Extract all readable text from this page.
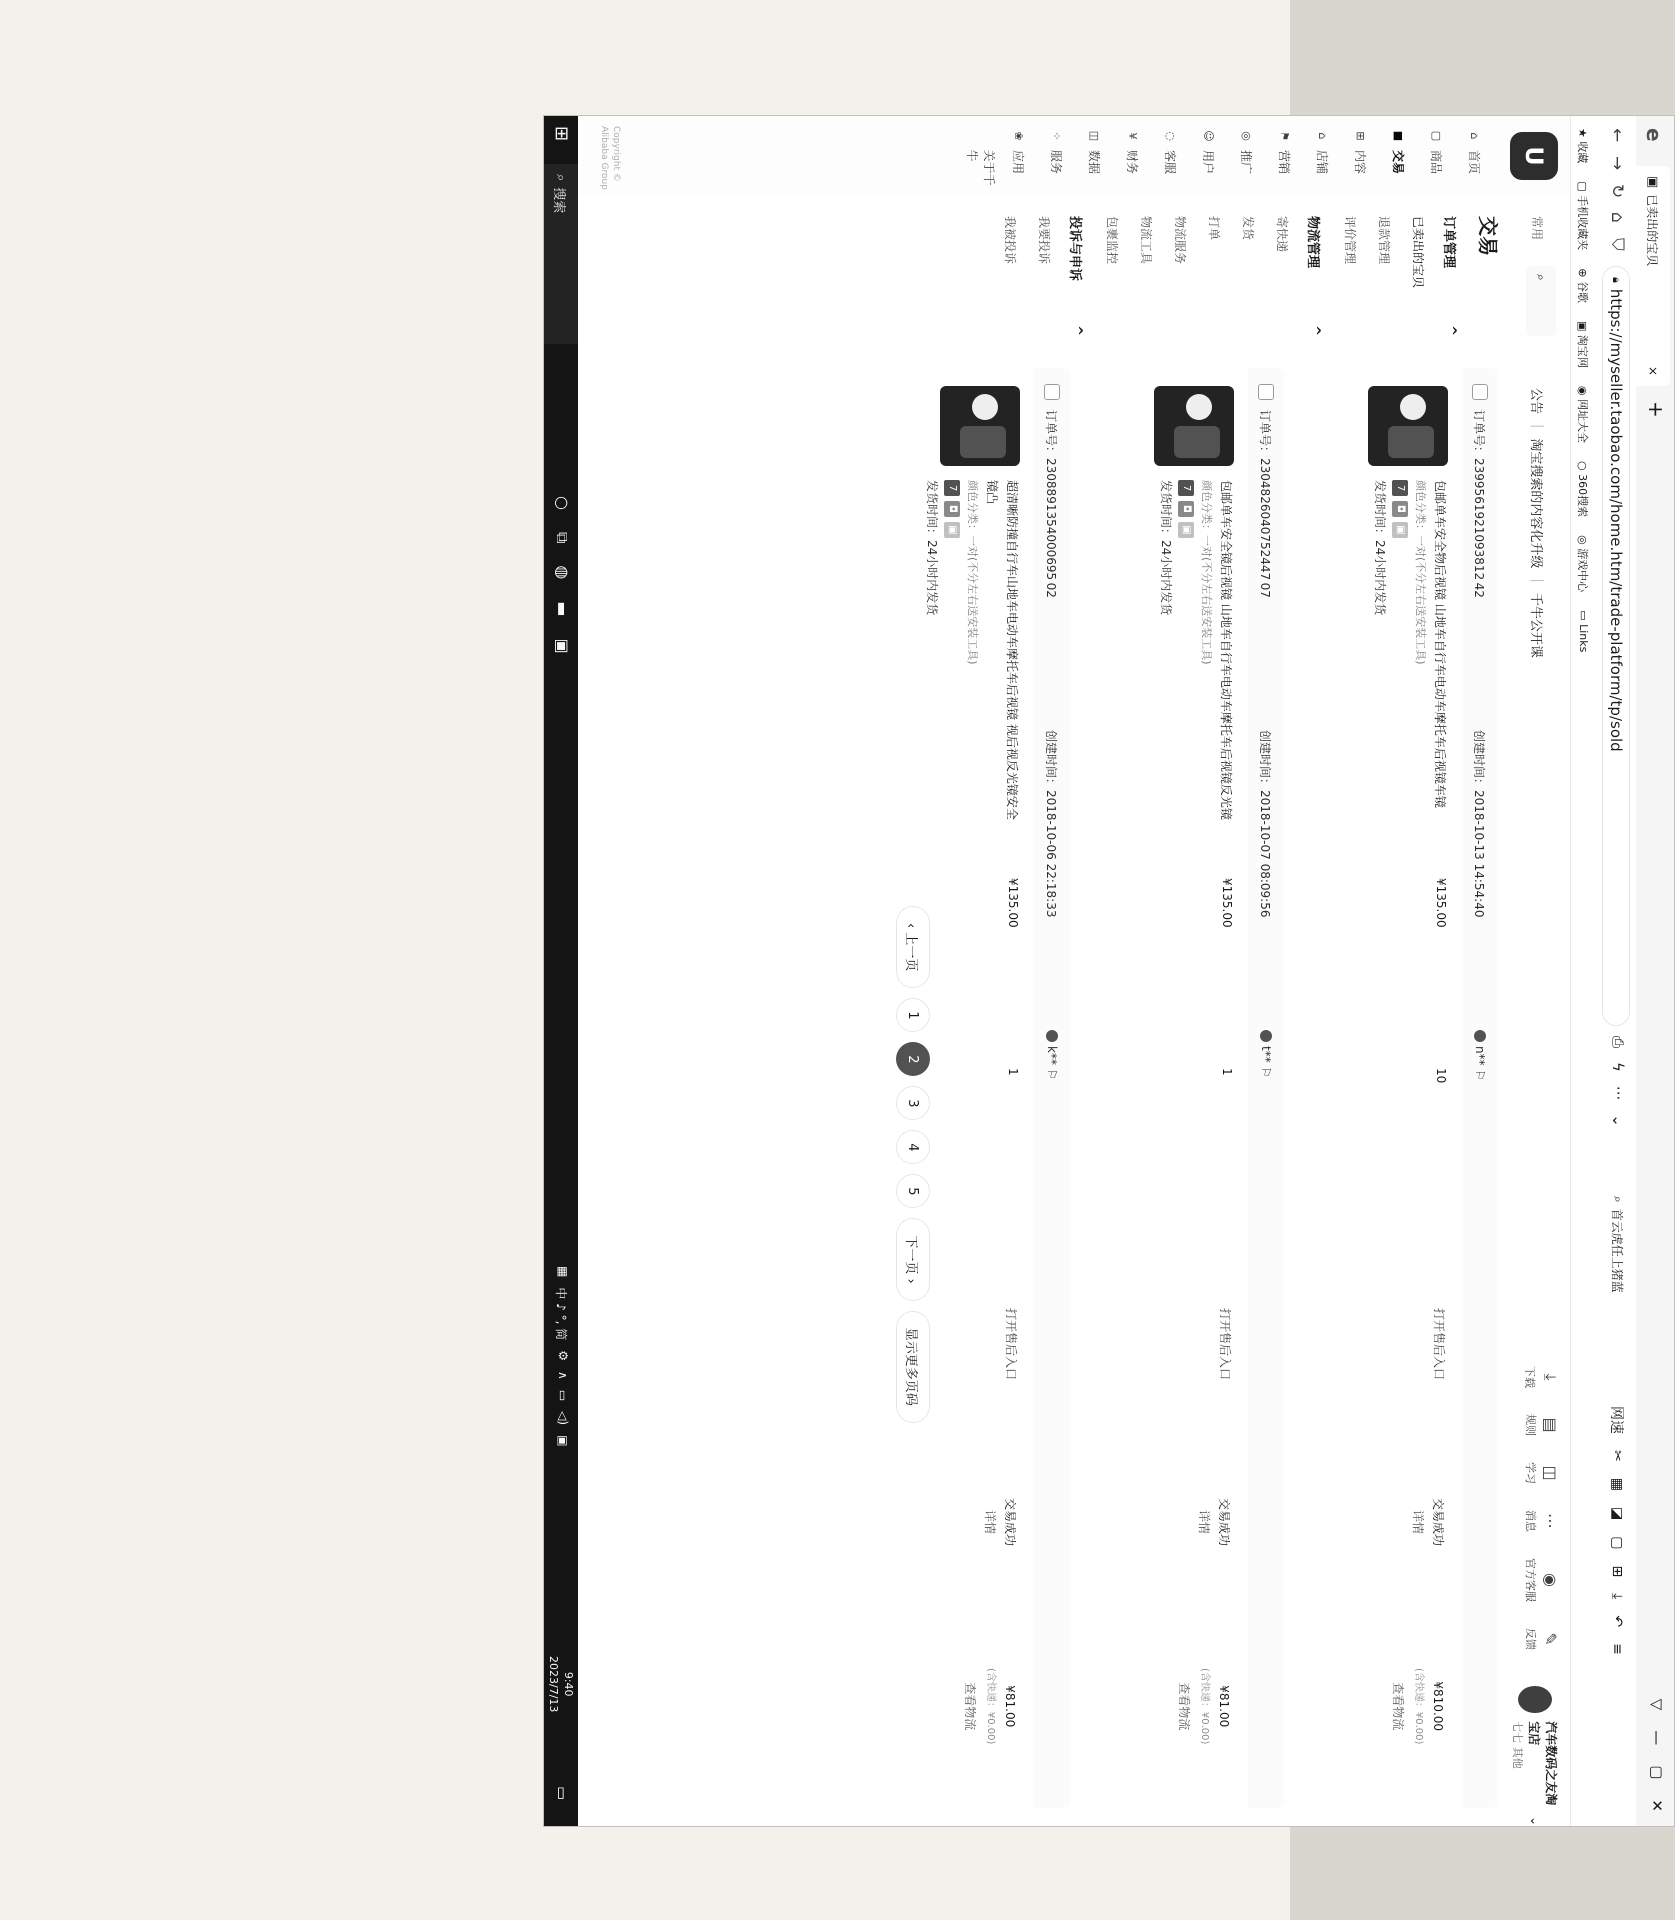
e
▣
已卖出的宝贝
×
+
▽
—
▢
✕
←
→
↻
⌂
⛉
🔒︎
https://myseller.taobao.com/home.htm/trade-platform/tp/sold
⎙
ϟ
···
⌄
⌕
首云虎任上猪蓝
网速
✂
▦
◪
▢
⊞
⤓
↶
≡
★ 收藏
▢ 手机收藏夹
⊕ 谷歌
▣ 淘宝网
◉ 网址大全
○ 360搜索
◎ 游戏中心
▭ Links
U
⌂
首页
▢
商品
■
交易
⊞
内容
⌂
店铺
⚑
营销
◎
推广
☺
用户
◌
客服
¥
财务
◫
数据
⁘
服务
❀
应用
关于千牛
Copyright © Alibaba Group
常用
⌕
交易
订单管理
^
已卖出的宝贝
退款管理
评价管理
物流管理
^
寄快递
发货
打单
物流服务
物流工具
包裹监控
投诉与申诉
^
我要投诉
我被投诉
公告
|
淘宝搜索的内容化升级
|
千牛公开课
⤓
下载
▤
规则
◫
学习
⋯
消息
◉
官方客服
✎
反馈
汽车数码之友淘宝店
七七 其他
⌄
订单号：2399561921093812 42
创建时间：2018-10-13 14:54:40
n**
⚐
包邮单车安全物后视镜 山地车自行车电动车摩托车后视镜车镜
颜色分类：一对(不分左右送安装工具)
7
◘
▣
发货时间：24小时内发货
¥135.00
10
打开售后入口
交易成功
详情
¥810.00
(含快递：¥0.00)
查看物流
订单号：2304826040752447 07
创建时间：2018-10-07 08:09:56
t**
⚐
包邮单车安全镜后视镜 山地车自行车电动车摩托车后视镜反光镜
颜色分类：一对(不分左右送安装工具)
7
◘
▣
发货时间：24小时内发货
¥135.00
1
打开售后入口
交易成功
详情
¥81.00
(含快递：¥0.00)
查看物流
订单号：2308891354000695 02
创建时间：2018-10-06 22:18:33
k**
⚐
超清晰防撞自行车山地车电动车摩托车后视镜 视后视反光镜安全镜凸
颜色分类：一对(不分左右送安装工具)
7
◘
▣
发货时间：24小时内发货
¥135.00
1
打开售后入口
交易成功
详情
¥81.00
(含快递：¥0.00)
查看物流
‹ 上一页
1
2
3
4
5
下一页 ›
显示更多页码
⊞
⌕
搜索
○
⧉
◍
▬
▣
▦
中 ♪ °, 简
⚙
∧
▭
◁)
▣
9:40
2023/7/13
▭
